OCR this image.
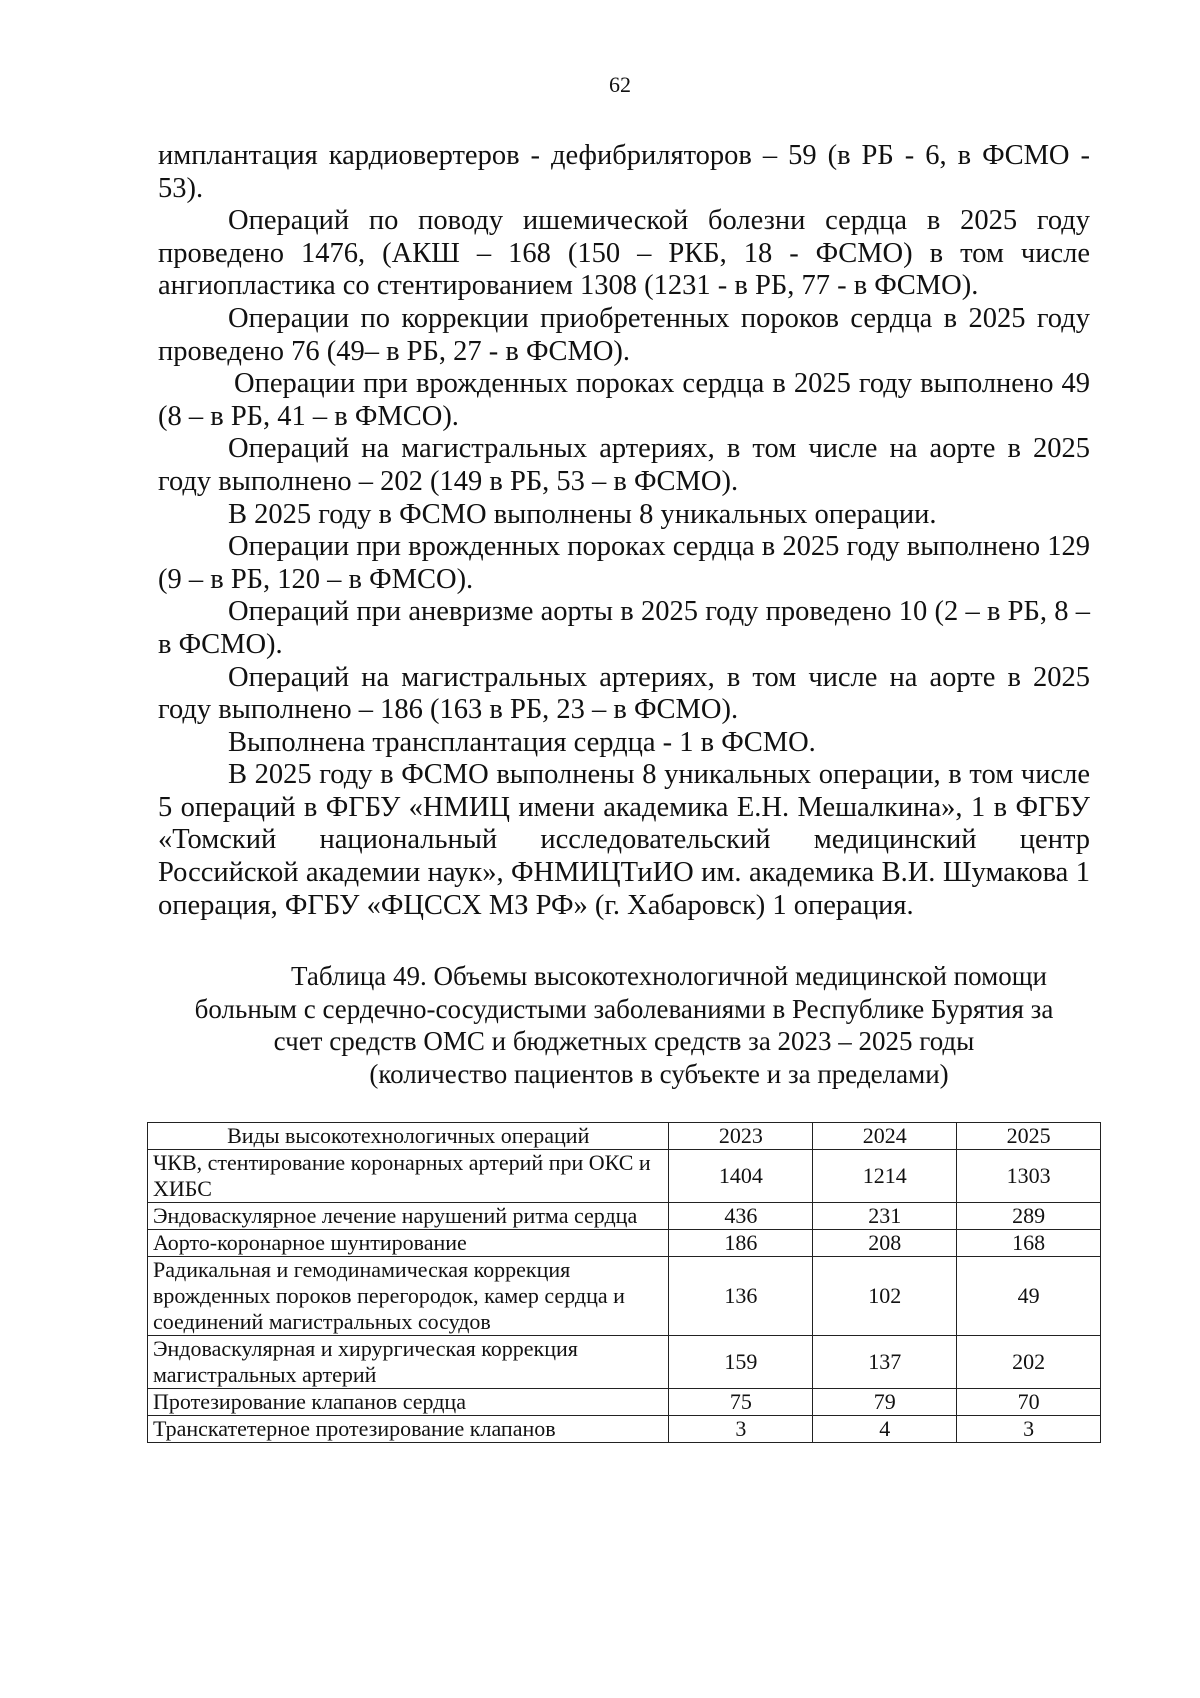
62

имплантация кардиовертеров - дефибриляторов – 59 (в РБ - 6, в ФСМО - 53).

Операций по поводу ишемической болезни сердца в 2025 году проведено 1476, (АКШ – 168 (150 – РКБ, 18 - ФСМО) в том числе ангиопластика со стентированием 1308 (1231 - в РБ, 77 - в ФСМО).

Операции по коррекции приобретенных пороков сердца в 2025 году проведено 76 (49– в РБ, 27 - в ФСМО).

Операции при врожденных пороках сердца в 2025 году выполнено 49 (8 – в РБ, 41 – в ФМСО).

Операций на магистральных артериях, в том числе на аорте в 2025 году выполнено – 202 (149 в РБ, 53 – в ФСМО).

В 2025 году в ФСМО выполнены 8 уникальных операции.

Операции при врожденных пороках сердца в 2025 году выполнено 129 (9 – в РБ, 120 – в ФМСО).

Операций при аневризме аорты в 2025 году проведено 10 (2 – в РБ, 8 – в ФСМО).

Операций на магистральных артериях, в том числе на аорте в 2025 году выполнено – 186 (163 в РБ, 23 – в ФСМО).

Выполнена трансплантация сердца - 1 в ФСМО.

В 2025 году в ФСМО выполнены 8 уникальных операции, в том числе 5 операций в ФГБУ «НМИЦ имени академика Е.Н. Мешалкина», 1 в ФГБУ «Томский национальный исследовательский медицинский центр Российской академии наук», ФНМИЦТиИО им. академика В.И. Шумакова 1 операция, ФГБУ «ФЦССХ МЗ РФ» (г. Хабаровск) 1 операция.

Таблица 49. Объемы высокотехнологичной медицинской помощи
больным с сердечно-сосудистыми заболеваниями в Республике Бурятия за
счет средств ОМС и бюджетных средств за 2023 – 2025 годы
(количество пациентов в субъекте и за пределами)
Виды высокотехнологичных операций	2023	2024	2025
ЧКВ, стентирование коронарных артерий при ОКС и ХИБС	1404	1214	1303
Эндоваскулярное лечение нарушений ритма сердца	436	231	289
Аорто-коронарное шунтирование	186	208	168
Радикальная и гемодинамическая коррекция врожденных пороков перегородок, камер сердца и соединений магистральных сосудов	136	102	49
Эндоваскулярная и хирургическая коррекция магистральных артерий	159	137	202
Протезирование клапанов сердца	75	79	70
Транскатетерное протезирование клапанов	3	4	3
